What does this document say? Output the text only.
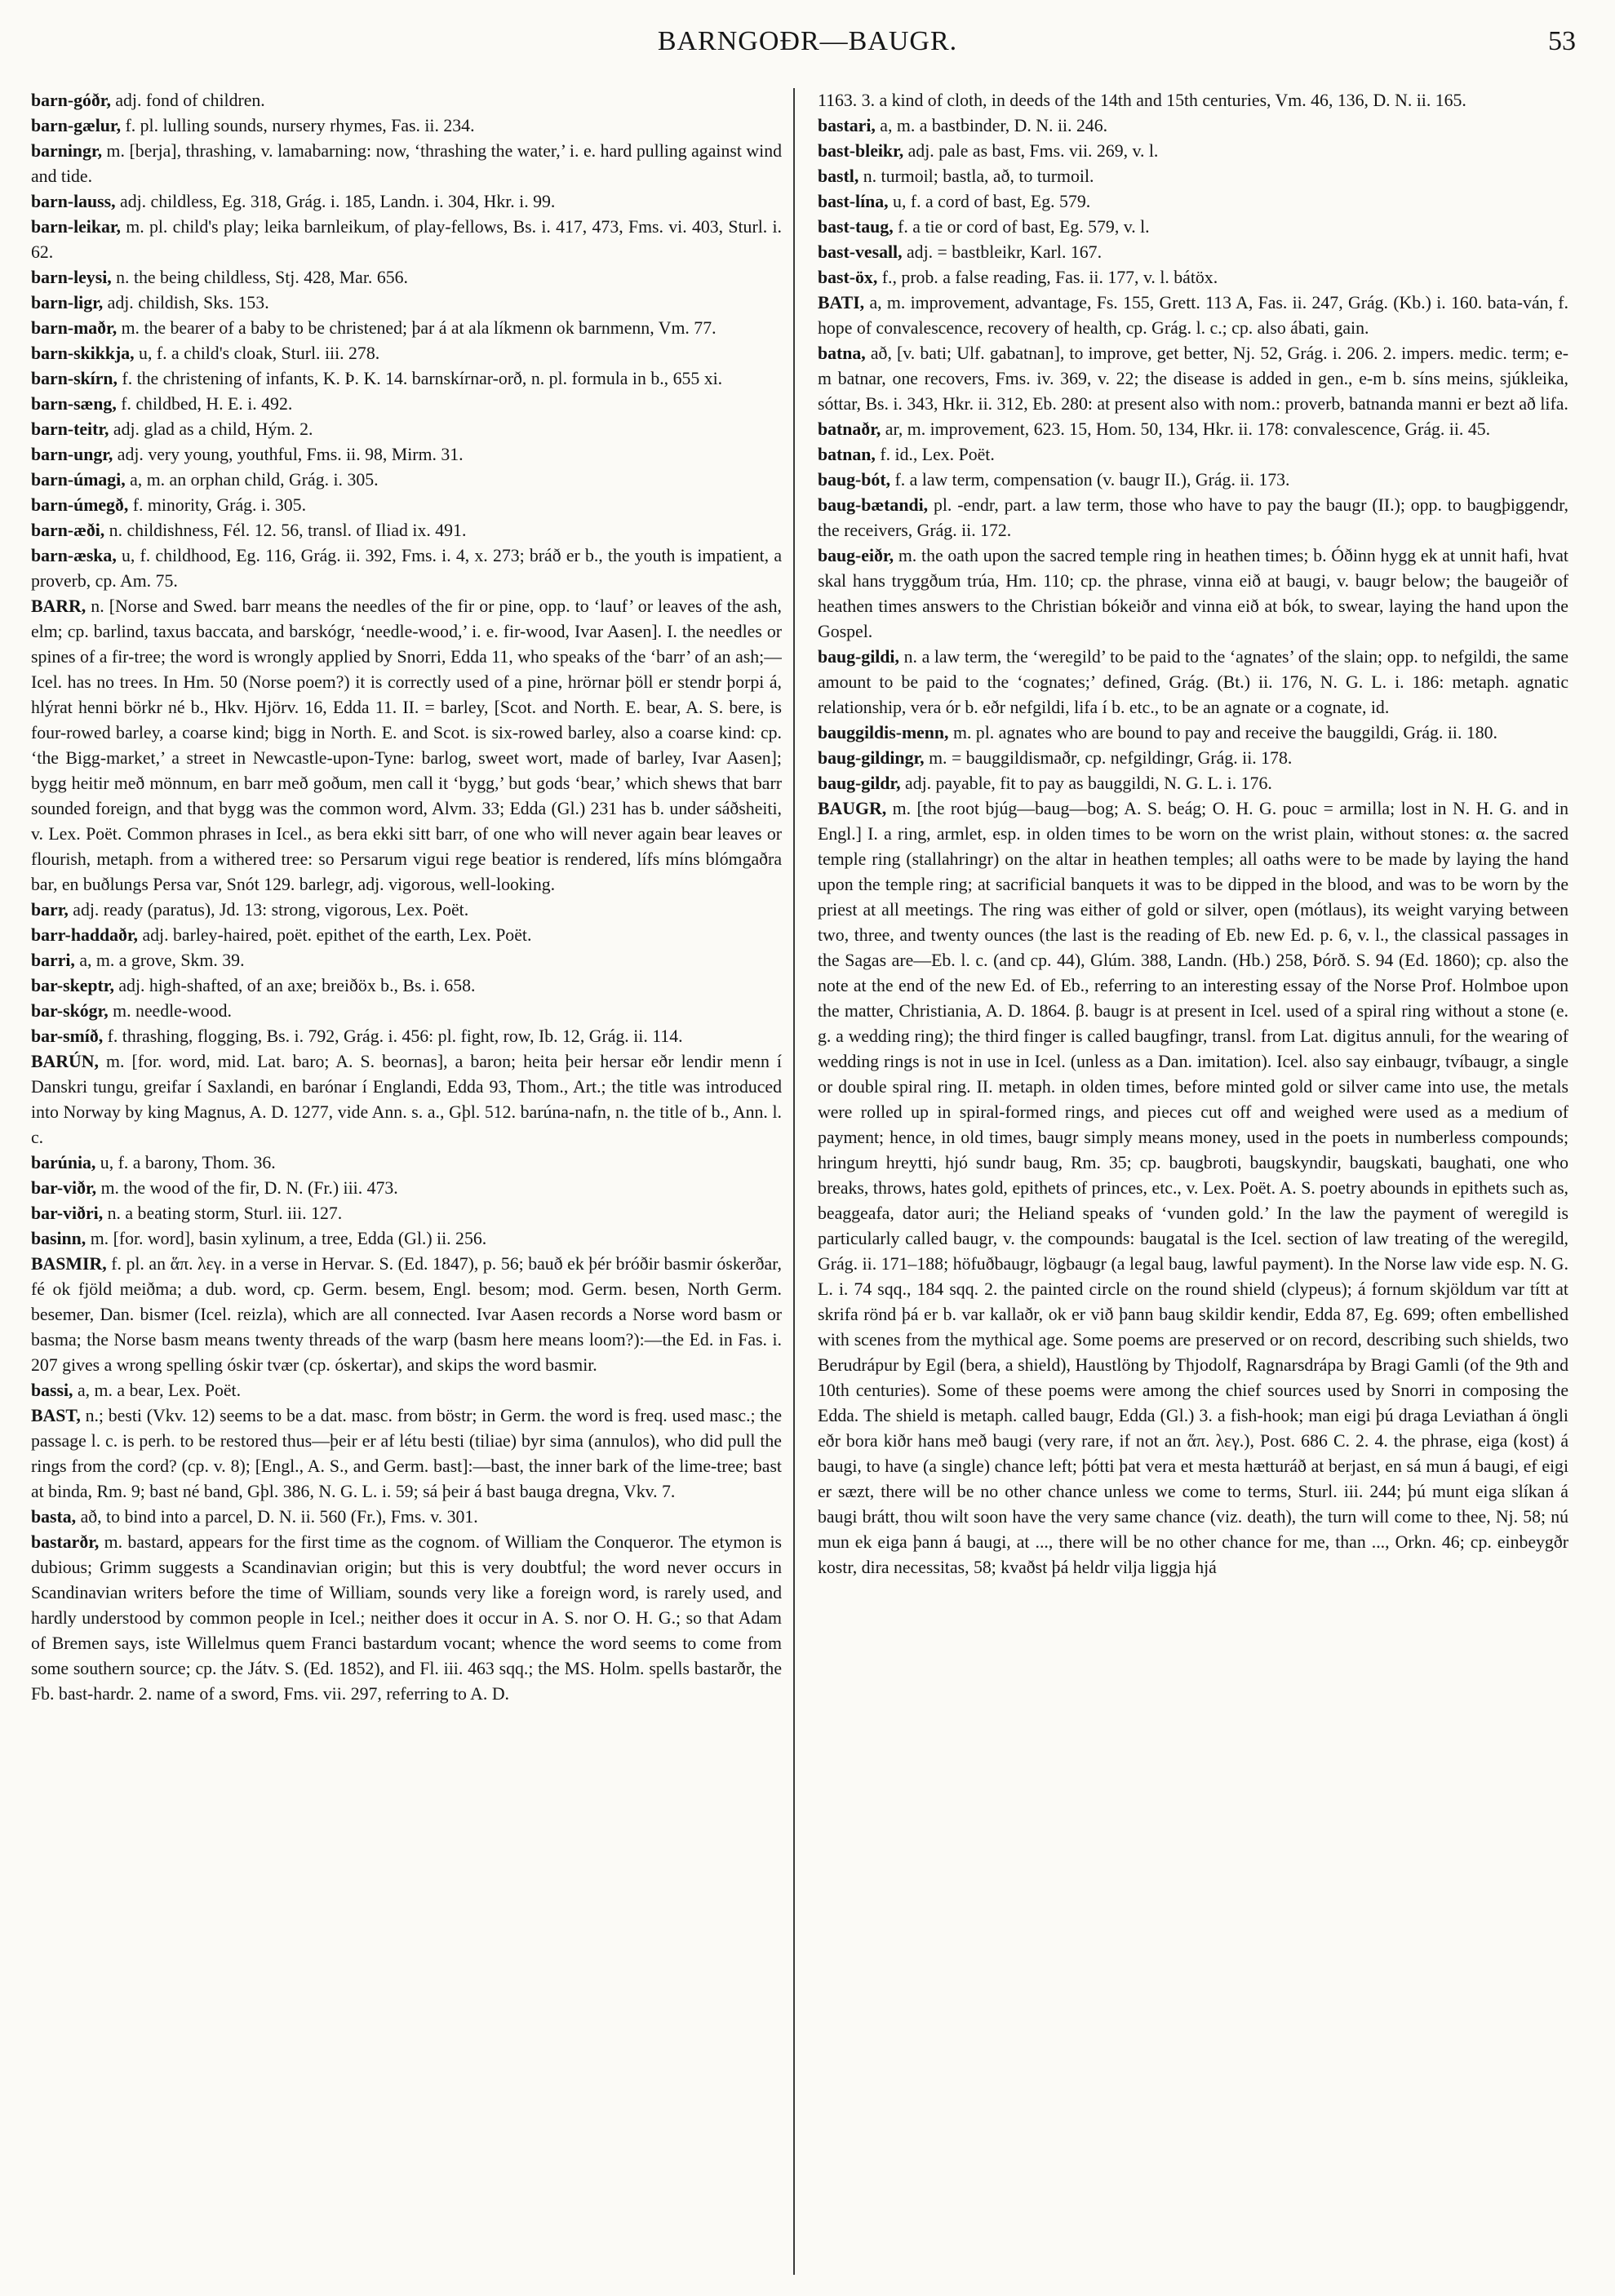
BARNGOÐR—BAUGR.	53

barn-góðr, adj. fond of children.

barn-gælur, f. pl. lulling sounds, nursery rhymes, Fas. ii. 234.

barningr, m. [berja], thrashing, v. lamabarning: now, ‘thrashing the water,’ i. e. hard pulling against wind and tide.

barn-lauss, adj. childless, Eg. 318, Grág. i. 185, Landn. i. 304, Hkr. i. 99.

barn-leikar, m. pl. child's play; leika barnleikum, of play-fellows, Bs. i. 417, 473, Fms. vi. 403, Sturl. i. 62.

barn-leysi, n. the being childless, Stj. 428, Mar. 656.

barn-ligr, adj. childish, Sks. 153.

barn-maðr, m. the bearer of a baby to be christened; þar á at ala líkmenn ok barnmenn, Vm. 77.

barn-skikkja, u, f. a child's cloak, Sturl. iii. 278.

barn-skírn, f. the christening of infants, K. Þ. K. 14. barnskírnar-orð, n. pl. formula in b., 655 xi.

barn-sæng, f. childbed, H. E. i. 492.

barn-teitr, adj. glad as a child, Hým. 2.

barn-ungr, adj. very young, youthful, Fms. ii. 98, Mirm. 31.

barn-úmagi, a, m. an orphan child, Grág. i. 305.

barn-úmegð, f. minority, Grág. i. 305.

barn-æði, n. childishness, Fél. 12. 56, transl. of Iliad ix. 491.

barn-æska, u, f. childhood, Eg. 116, Grág. ii. 392, Fms. i. 4, x. 273; bráð er b., the youth is impatient, a proverb, cp. Am. 75.

BARR, n. [Norse and Swed. barr means the needles of the fir or pine, opp. to ‘lauf’ or leaves of the ash, elm; cp. barlind, taxus baccata, and barskógr, ‘needle-wood,’ i. e. fir-wood, Ivar Aasen]. I. the needles or spines of a fir-tree; the word is wrongly applied by Snorri, Edda 11, who speaks of the ‘barr’ of an ash;—Icel. has no trees. In Hm. 50 (Norse poem?) it is correctly used of a pine, hrörnar þöll er stendr þorpi á, hlýrat henni börkr né b., Hkv. Hjörv. 16, Edda 11. II. = barley, [Scot. and North. E. bear, A. S. bere, is four-rowed barley, a coarse kind; bigg in North. E. and Scot. is six-rowed barley, also a coarse kind: cp. ‘the Bigg-market,’ a street in Newcastle-upon-Tyne: barlog, sweet wort, made of barley, Ivar Aasen]; bygg heitir með mönnum, en barr með goðum, men call it ‘bygg,’ but gods ‘bear,’ which shews that barr sounded foreign, and that bygg was the common word, Alvm. 33; Edda (Gl.) 231 has b. under sáðsheiti, v. Lex. Poët. Common phrases in Icel., as bera ekki sitt barr, of one who will never again bear leaves or flourish, metaph. from a withered tree: so Persarum vigui rege beatior is rendered, lífs míns blómgaðra bar, en buðlungs Persa var, Snót 129. barlegr, adj. vigorous, well-looking.

barr, adj. ready (paratus), Jd. 13: strong, vigorous, Lex. Poët.

barr-haddaðr, adj. barley-haired, poët. epithet of the earth, Lex. Poët.

barri, a, m. a grove, Skm. 39.

bar-skeptr, adj. high-shafted, of an axe; breiðöx b., Bs. i. 658.

bar-skógr, m. needle-wood.

bar-smíð, f. thrashing, flogging, Bs. i. 792, Grág. i. 456: pl. fight, row, Ib. 12, Grág. ii. 114.

BARÚN, m. [for. word, mid. Lat. baro; A. S. beornas], a baron; heita þeir hersar eðr lendir menn í Danskri tungu, greifar í Saxlandi, en barónar í Englandi, Edda 93, Thom., Art.; the title was introduced into Norway by king Magnus, A. D. 1277, vide Ann. s. a., Gþl. 512. barúna-nafn, n. the title of b., Ann. l. c.

barúnia, u, f. a barony, Thom. 36.

bar-viðr, m. the wood of the fir, D. N. (Fr.) iii. 473.

bar-viðri, n. a beating storm, Sturl. iii. 127.

basinn, m. [for. word], basin xylinum, a tree, Edda (Gl.) ii. 256.

BASMIR, f. pl. an ἅπ. λεγ. in a verse in Hervar. S. (Ed. 1847), p. 56; bauð ek þér bróðir basmir óskerðar, fé ok fjöld meiðma; a dub. word, cp. Germ. besem, Engl. besom; mod. Germ. besen, North Germ. besemer, Dan. bismer (Icel. reizla), which are all connected. Ivar Aasen records a Norse word basm or basma; the Norse basm means twenty threads of the warp (basm here means loom?):—the Ed. in Fas. i. 207 gives a wrong spelling óskir tvær (cp. óskertar), and skips the word basmir.

bassi, a, m. a bear, Lex. Poët.

BAST, n.; besti (Vkv. 12) seems to be a dat. masc. from böstr; in Germ. the word is freq. used masc.; the passage l. c. is perh. to be restored thus—þeir er af létu besti (tiliae) byr sima (annulos), who did pull the rings from the cord? (cp. v. 8); [Engl., A. S., and Germ. bast]:—bast, the inner bark of the lime-tree; bast at binda, Rm. 9; bast né band, Gþl. 386, N. G. L. i. 59; sá þeir á bast bauga dregna, Vkv. 7.

basta, að, to bind into a parcel, D. N. ii. 560 (Fr.), Fms. v. 301.

bastarðr, m. bastard, appears for the first time as the cognom. of William the Conqueror. The etymon is dubious; Grimm suggests a Scandinavian origin; but this is very doubtful; the word never occurs in Scandinavian writers before the time of William, sounds very like a foreign word, is rarely used, and hardly understood by common people in Icel.; neither does it occur in A. S. nor O. H. G.; so that Adam of Bremen says, iste Willelmus quem Franci bastardum vocant; whence the word seems to come from some southern source; cp. the Játv. S. (Ed. 1852), and Fl. iii. 463 sqq.; the MS. Holm. spells bastarðr, the Fb. bast-hardr. 2. name of a sword, Fms. vii. 297, referring to A. D.

1163. 3. a kind of cloth, in deeds of the 14th and 15th centuries, Vm. 46, 136, D. N. ii. 165.

bastari, a, m. a bastbinder, D. N. ii. 246.

bast-bleikr, adj. pale as bast, Fms. vii. 269, v. l.

bastl, n. turmoil; bastla, að, to turmoil.

bast-lína, u, f. a cord of bast, Eg. 579.

bast-taug, f. a tie or cord of bast, Eg. 579, v. l.

bast-vesall, adj. = bastbleikr, Karl. 167.

bast-öx, f., prob. a false reading, Fas. ii. 177, v. l. bátöx.

BATI, a, m. improvement, advantage, Fs. 155, Grett. 113 A, Fas. ii. 247, Grág. (Kb.) i. 160. bata-ván, f. hope of convalescence, recovery of health, cp. Grág. l. c.; cp. also ábati, gain.

batna, að, [v. bati; Ulf. gabatnan], to improve, get better, Nj. 52, Grág. i. 206. 2. impers. medic. term; e-m batnar, one recovers, Fms. iv. 369, v. 22; the disease is added in gen., e-m b. síns meins, sjúkleika, sóttar, Bs. i. 343, Hkr. ii. 312, Eb. 280: at present also with nom.: proverb, batnanda manni er bezt að lifa.

batnaðr, ar, m. improvement, 623. 15, Hom. 50, 134, Hkr. ii. 178: convalescence, Grág. ii. 45.

batnan, f. id., Lex. Poët.

baug-bót, f. a law term, compensation (v. baugr II.), Grág. ii. 173.

baug-bætandi, pl. -endr, part. a law term, those who have to pay the baugr (II.); opp. to baugþiggendr, the receivers, Grág. ii. 172.

baug-eiðr, m. the oath upon the sacred temple ring in heathen times; b. Óðinn hygg ek at unnit hafi, hvat skal hans tryggðum trúa, Hm. 110; cp. the phrase, vinna eið at baugi, v. baugr below; the baugeiðr of heathen times answers to the Christian bókeiðr and vinna eið at bók, to swear, laying the hand upon the Gospel.

baug-gildi, n. a law term, the ‘weregild’ to be paid to the ‘agnates’ of the slain; opp. to nefgildi, the same amount to be paid to the ‘cognates;’ defined, Grág. (Bt.) ii. 176, N. G. L. i. 186: metaph. agnatic relationship, vera ór b. eðr nefgildi, lifa í b. etc., to be an agnate or a cognate, id.

bauggildis-menn, m. pl. agnates who are bound to pay and receive the bauggildi, Grág. ii. 180.

baug-gildingr, m. = bauggildismaðr, cp. nefgildingr, Grág. ii. 178.

baug-gildr, adj. payable, fit to pay as bauggildi, N. G. L. i. 176.

BAUGR, m. [the root bjúg—baug—bog; A. S. beág; O. H. G. pouc = armilla; lost in N. H. G. and in Engl.] I. a ring, armlet, esp. in olden times to be worn on the wrist plain, without stones: α. the sacred temple ring (stallahringr) on the altar in heathen temples; all oaths were to be made by laying the hand upon the temple ring; at sacrificial banquets it was to be dipped in the blood, and was to be worn by the priest at all meetings. The ring was either of gold or silver, open (mótlaus), its weight varying between two, three, and twenty ounces (the last is the reading of Eb. new Ed. p. 6, v. l., the classical passages in the Sagas are—Eb. l. c. (and cp. 44), Glúm. 388, Landn. (Hb.) 258, Þórð. S. 94 (Ed. 1860); cp. also the note at the end of the new Ed. of Eb., referring to an interesting essay of the Norse Prof. Holmboe upon the matter, Christiania, A. D. 1864. β. baugr is at present in Icel. used of a spiral ring without a stone (e. g. a wedding ring); the third finger is called baugfingr, transl. from Lat. digitus annuli, for the wearing of wedding rings is not in use in Icel. (unless as a Dan. imitation). Icel. also say einbaugr, tvíbaugr, a single or double spiral ring. II. metaph. in olden times, before minted gold or silver came into use, the metals were rolled up in spiral-formed rings, and pieces cut off and weighed were used as a medium of payment; hence, in old times, baugr simply means money, used in the poets in numberless compounds; hringum hreytti, hjó sundr baug, Rm. 35; cp. baugbroti, baugskyndir, baugskati, baughati, one who breaks, throws, hates gold, epithets of princes, etc., v. Lex. Poët. A. S. poetry abounds in epithets such as, beaggeafa, dator auri; the Heliand speaks of ‘vunden gold.’ In the law the payment of weregild is particularly called baugr, v. the compounds: baugatal is the Icel. section of law treating of the weregild, Grág. ii. 171–188; höfuðbaugr, lögbaugr (a legal baug, lawful payment). In the Norse law vide esp. N. G. L. i. 74 sqq., 184 sqq. 2. the painted circle on the round shield (clypeus); á fornum skjöldum var títt at skrifa rönd þá er b. var kallaðr, ok er við þann baug skildir kendir, Edda 87, Eg. 699; often embellished with scenes from the mythical age. Some poems are preserved or on record, describing such shields, two Berudrápur by Egil (bera, a shield), Haustlöng by Thjodolf, Ragnarsdrápa by Bragi Gamli (of the 9th and 10th centuries). Some of these poems were among the chief sources used by Snorri in composing the Edda. The shield is metaph. called baugr, Edda (Gl.) 3. a fish-hook; man eigi þú draga Leviathan á öngli eðr bora kiðr hans með baugi (very rare, if not an ἅπ. λεγ.), Post. 686 C. 2. 4. the phrase, eiga (kost) á baugi, to have (a single) chance left; þótti þat vera et mesta hætturáð at berjast, en sá mun á baugi, ef eigi er sæzt, there will be no other chance unless we come to terms, Sturl. iii. 244; þú munt eiga slíkan á baugi brátt, thou wilt soon have the very same chance (viz. death), the turn will come to thee, Nj. 58; nú mun ek eiga þann á baugi, at ..., there will be no other chance for me, than ..., Orkn. 46; cp. einbeygðr kostr, dira necessitas, 58; kvaðst þá heldr vilja liggja hjá
